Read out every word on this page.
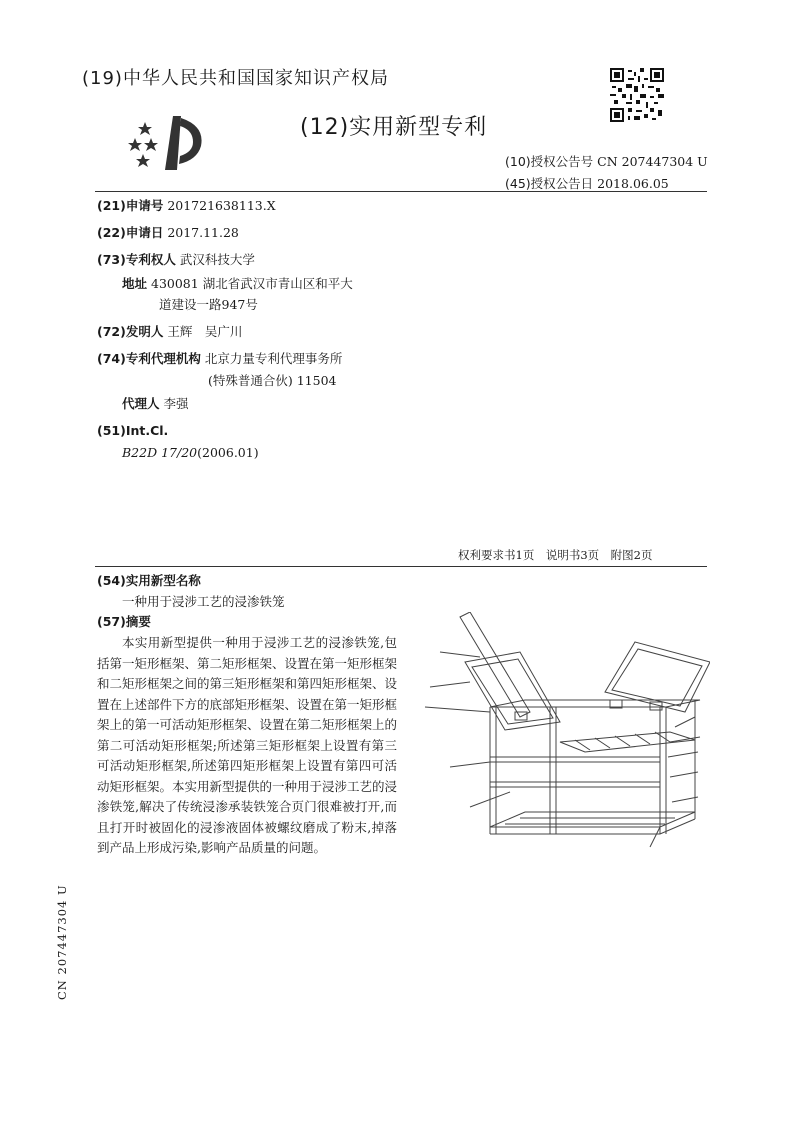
(19)中华人民共和国国家知识产权局
(12)实用新型专利
(10)授权公告号 CN 207447304 U
(45)授权公告日 2018.06.05
(21)申请号 201721638113.X
(22)申请日 2017.11.28
(73)专利权人 武汉科技大学
地址 430081 湖北省武汉市青山区和平大
道建设一路947号
(72)发明人 王辉　吴广川
(74)专利代理机构 北京力量专利代理事务所
(特殊普通合伙) 11504
代理人 李强
(51)Int.Cl.
B22D 17/20(2006.01)
权利要求书1页　说明书3页　附图2页
(54)实用新型名称
一种用于浸涉工艺的浸渗铁笼
(57)摘要
本实用新型提供一种用于浸涉工艺的浸渗铁笼,包括第一矩形框架、第二矩形框架、设置在第一矩形框架和二矩形框架之间的第三矩形框架和第四矩形框架、设置在上述部件下方的底部矩形框架、设置在第一矩形框架上的第一可活动矩形框架、设置在第二矩形框架上的第二可活动矩形框架;所述第三矩形框架上设置有第三可活动矩形框架,所述第四矩形框架上设置有第四可活动矩形框架。本实用新型提供的一种用于浸涉工艺的浸渗铁笼,解决了传统浸渗承装铁笼合页门很难被打开,而且打开时被固化的浸渗液固体被螺纹磨成了粉末,掉落到产品上形成污染,影响产品质量的问题。
CN 207447304 U
